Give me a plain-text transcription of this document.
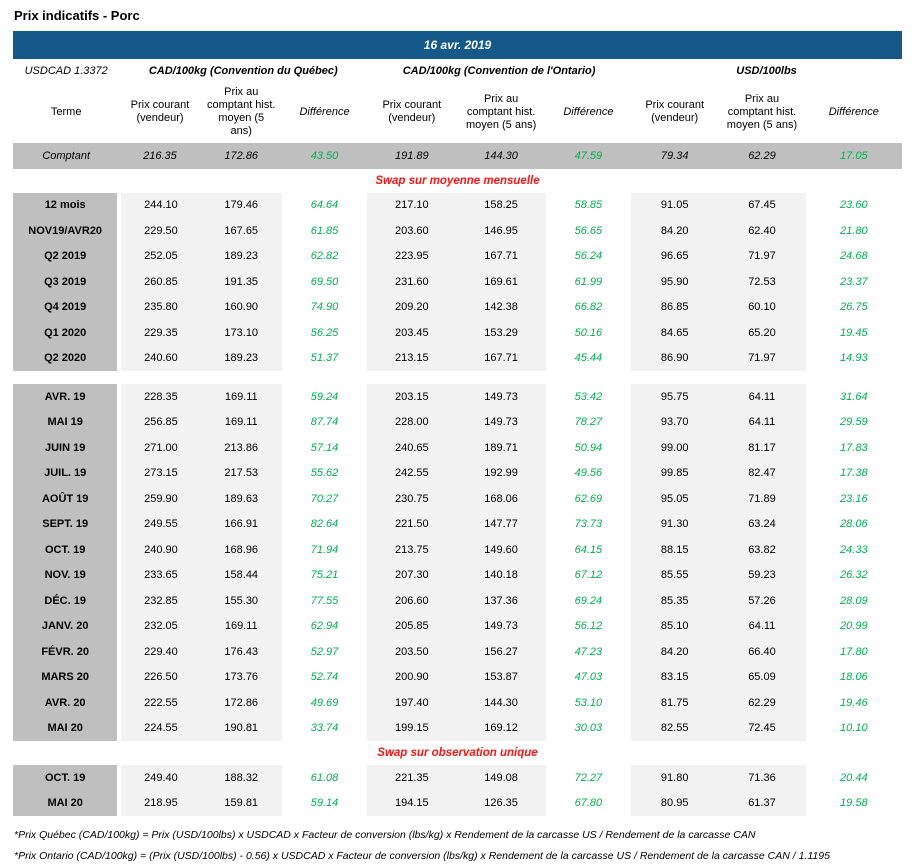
Prix indicatifs - Porc
16 avr. 2019									
USDCAD 1.3372	CAD/100kg (Convention du Québec)			CAD/100kg (Convention de l'Ontario)			USD/100lbs		
Terme	Prix courant (vendeur)	Prix au comptant hist. moyen (5 ans)	Différence	Prix courant (vendeur)	Prix au comptant hist. moyen (5 ans)	Différence	Prix courant (vendeur)	Prix au comptant hist. moyen (5 ans)	Différence
Comptant	216.35	172.86	43.50	191.89	144.30	47.59	79.34	62.29	17.05
Swap sur moyenne mensuelle									
12 mois	244.10	179.46	64.64	217.10	158.25	58.85	91.05	67.45	23.60
NOV19/AVR20	229.50	167.65	61.85	203.60	146.95	56.65	84.20	62.40	21.80
Q2 2019	252.05	189.23	62.82	223.95	167.71	56.24	96.65	71.97	24.68
Q3 2019	260.85	191.35	69.50	231.60	169.61	61.99	95.90	72.53	23.37
Q4 2019	235.80	160.90	74.90	209.20	142.38	66.82	86.85	60.10	26.75
Q1 2020	229.35	173.10	56.25	203.45	153.29	50.16	84.65	65.20	19.45
Q2 2020	240.60	189.23	51.37	213.15	167.71	45.44	86.90	71.97	14.93

AVR. 19	228.35	169.11	59.24	203.15	149.73	53.42	95.75	64.11	31.64
MAI 19	256.85	169.11	87.74	228.00	149.73	78.27	93.70	64.11	29.59
JUIN 19	271.00	213.86	57.14	240.65	189.71	50.94	99.00	81.17	17.83
JUIL. 19	273.15	217.53	55.62	242.55	192.99	49.56	99.85	82.47	17.38
AOÛT 19	259.90	189.63	70.27	230.75	168.06	62.69	95.05	71.89	23.16
SEPT. 19	249.55	166.91	82.64	221.50	147.77	73.73	91.30	63.24	28.06
OCT. 19	240.90	168.96	71.94	213.75	149.60	64.15	88.15	63.82	24.33
NOV. 19	233.65	158.44	75.21	207.30	140.18	67.12	85.55	59.23	26.32
DÉC. 19	232.85	155.30	77.55	206.60	137.36	69.24	85.35	57.26	28.09
JANV. 20	232.05	169.11	62.94	205.85	149.73	56.12	85.10	64.11	20.99
FÉVR. 20	229.40	176.43	52.97	203.50	156.27	47.23	84.20	66.40	17.80
MARS 20	226.50	173.76	52.74	200.90	153.87	47.03	83.15	65.09	18.06
AVR. 20	222.55	172.86	49.69	197.40	144.30	53.10	81.75	62.29	19.46
MAI 20	224.55	190.81	33.74	199.15	169.12	30.03	82.55	72.45	10.10
Swap sur observation unique									
OCT. 19	249.40	188.32	61.08	221.35	149.08	72.27	91.80	71.36	20.44
MAI 20	218.95	159.81	59.14	194.15	126.35	67.80	80.95	61.37	19.58
*Prix Québec (CAD/100kg) = Prix (USD/100lbs) x USDCAD x Facteur de conversion (lbs/kg) x Rendement de la carcasse US / Rendement de la carcasse CAN
*Prix Ontario (CAD/100kg) = (Prix (USD/100lbs) - 0.56) x USDCAD x Facteur de conversion (lbs/kg) x Rendement de la carcasse US / Rendement de la carcasse CAN / 1.1195
